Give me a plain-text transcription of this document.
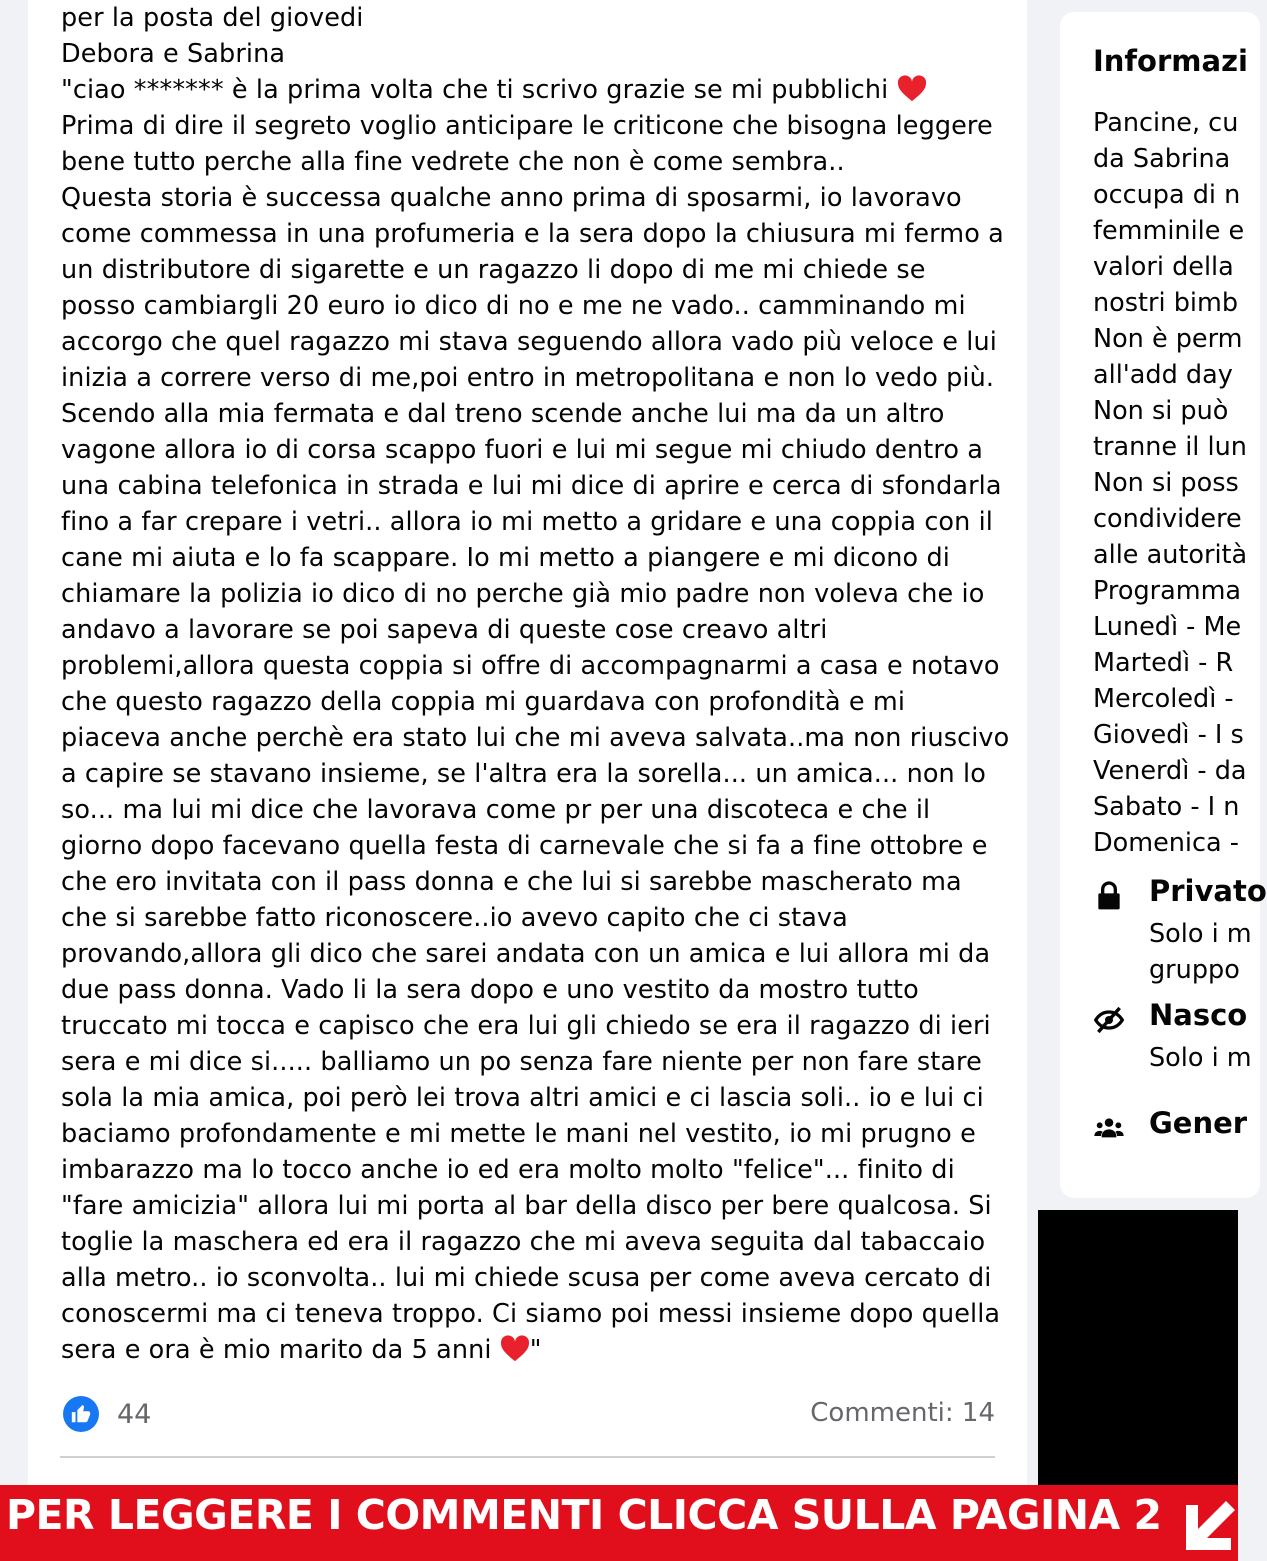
per la posta del giovedi
Debora e Sabrina
"ciao ******* è la prima volta che ti scrivo grazie se mi pubblichi
Prima di dire il segreto voglio anticipare le criticone che bisogna leggere
bene tutto perche alla fine vedrete che non è come sembra..
Questa storia è successa qualche anno prima di sposarmi, io lavoravo
come commessa in una profumeria e la sera dopo la chiusura mi fermo a
un distributore di sigarette e un ragazzo li dopo di me mi chiede se
posso cambiargli 20 euro io dico di no e me ne vado.. camminando mi
accorgo che quel ragazzo mi stava seguendo allora vado più veloce e lui
inizia a correre verso di me,poi entro in metropolitana e non lo vedo più.
Scendo alla mia fermata e dal treno scende anche lui ma da un altro
vagone allora io di corsa scappo fuori e lui mi segue mi chiudo dentro a
una cabina telefonica in strada e lui mi dice di aprire e cerca di sfondarla
fino a far crepare i vetri.. allora io mi metto a gridare e una coppia con il
cane mi aiuta e lo fa scappare. Io mi metto a piangere e mi dicono di
chiamare la polizia io dico di no perche già mio padre non voleva che io
andavo a lavorare se poi sapeva di queste cose creavo altri
problemi,allora questa coppia si offre di accompagnarmi a casa e notavo
che questo ragazzo della coppia mi guardava con profondità e mi
piaceva anche perchè era stato lui che mi aveva salvata..ma non riuscivo
a capire se stavano insieme, se l'altra era la sorella... un amica... non lo
so... ma lui mi dice che lavorava come pr per una discoteca e che il
giorno dopo facevano quella festa di carnevale che si fa a fine ottobre e
che ero invitata con il pass donna e che lui si sarebbe mascherato ma
che si sarebbe fatto riconoscere..io avevo capito che ci stava
provando,allora gli dico che sarei andata con un amica e lui allora mi da
due pass donna. Vado li la sera dopo e uno vestito da mostro tutto
truccato mi tocca e capisco che era lui gli chiedo se era il ragazzo di ieri
sera e mi dice si..... balliamo un po senza fare niente per non fare stare
sola la mia amica, poi però lei trova altri amici e ci lascia soli.. io e lui ci
baciamo profondamente e mi mette le mani nel vestito, io mi prugno e
imbarazzo ma lo tocco anche io ed era molto molto "felice"... finito di
"fare amicizia" allora lui mi porta al bar della disco per bere qualcosa. Si
toglie la maschera ed era il ragazzo che mi aveva seguita dal tabaccaio
alla metro.. io sconvolta.. lui mi chiede scusa per come aveva cercato di
conoscermi ma ci teneva troppo. Ci siamo poi messi insieme dopo quella
sera e ora è mio marito da 5 anni "
44	Commenti: 14
Informazi
Pancine, cu
da Sabrina
occupa di n
femminile e
valori della
nostri bimb
Non è perm
all'add day
Non si può
tranne il lun
Non si poss
condividere
alle autorità
Programma
Lunedì - Me
Martedì - R
Mercoledì -
Giovedì - I s
Venerdì - da
Sabato - I n
Domenica -
Privato
Solo i m
gruppo
Nasco
Solo i m
Gener
PER LEGGERE I COMMENTI CLICCA SULLA PAGINA 2
